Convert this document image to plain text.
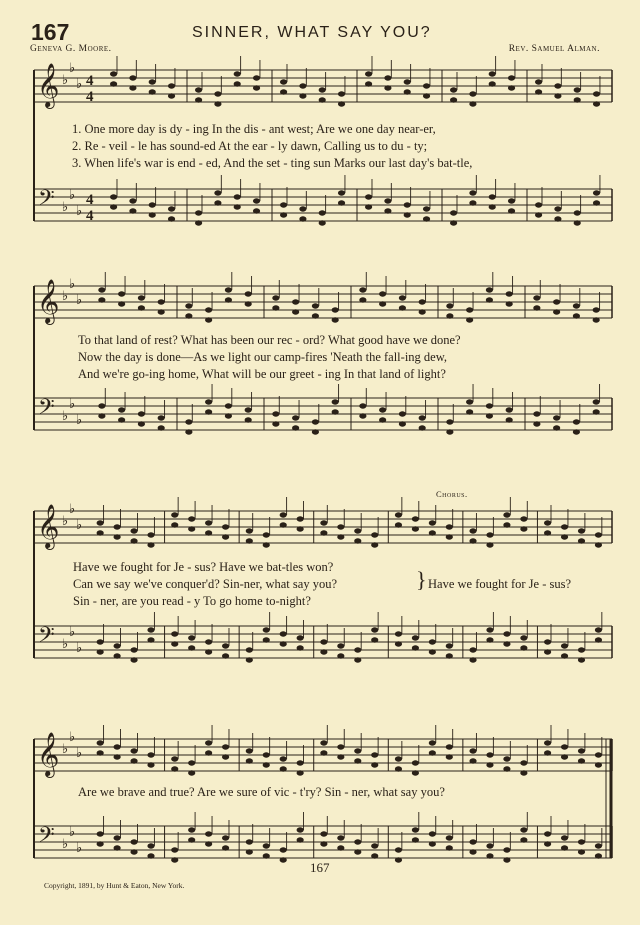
167	SINNER, WHAT SAY YOU?
Geneva G. Moore.	Rev. Samuel Alman.
𝄞
𝄢
♭
♭
♭
♭
♭
♭
4
4
4
4
𝄞
𝄢
♭
♭
♭
♭
♭
♭
𝄞
𝄢
♭
♭
♭
♭
♭
♭
𝄞
𝄢
♭
♭
♭
♭
♭
♭
1. One more day is dy - ing In the dis - ant west; Are we one day near-er,
2. Re - veil - le has sound-ed At the ear - ly dawn, Calling us to du - ty;
3. When life's war is end - ed, And the set - ting sun Marks our last day's bat-tle,
To that land of rest? What has been our rec - ord? What good have we done?
Now the day is done—As we light our camp-fires 'Neath the fall-ing dew,
And we're go-ing home, What will be our greet - ing In that land of light?
Chorus.
Have we fought for Je - sus? Have we bat-tles won?
Can we say we've conquer'd? Sin-ner, what say you?
Sin - ner, are you read - y To go home to-night?
} Have we fought for Je - sus?
Are we brave and true? Are we sure of vic - t'ry? Sin - ner, what say you?
167
Copyright, 1891, by Hunt & Eaton, New York.
